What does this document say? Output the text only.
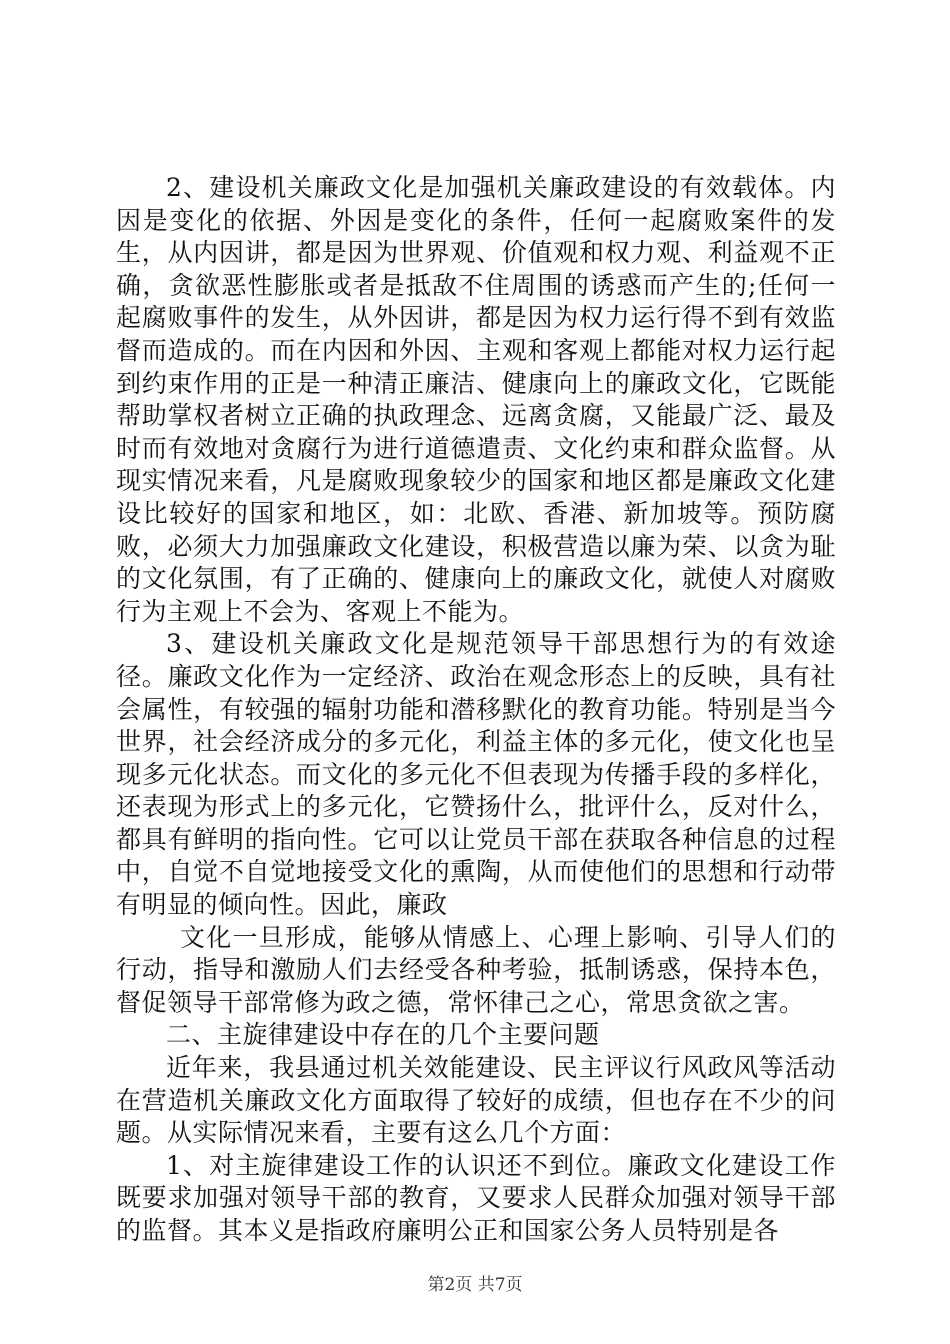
2、建设机关廉政文化是加强机关廉政建设的有效载体。内因是变化的依据、外因是变化的条件，任何一起腐败案件的发生，从内因讲，都是因为世界观、价值观和权力观、利益观不正确，贪欲恶性膨胀或者是抵敌不住周围的诱惑而产生的;任何一起腐败事件的发生，从外因讲，都是因为权力运行得不到有效监督而造成的。而在内因和外因、主观和客观上都能对权力运行起到约束作用的正是一种清正廉洁、健康向上的廉政文化，它既能帮助掌权者树立正确的执政理念、远离贪腐，又能最广泛、最及时而有效地对贪腐行为进行道德遣责、文化约束和群众监督。从现实情况来看，凡是腐败现象较少的国家和地区都是廉政文化建设比较好的国家和地区，如：北欧、香港、新加坡等。预防腐败，必须大力加强廉政文化建设，积极营造以廉为荣、以贪为耻的文化氛围，有了正确的、健康向上的廉政文化，就使人对腐败行为主观上不会为、客观上不能为。

3、建设机关廉政文化是规范领导干部思想行为的有效途径。廉政文化作为一定经济、政治在观念形态上的反映，具有社会属性，有较强的辐射功能和潜移默化的教育功能。特别是当今世界，社会经济成分的多元化，利益主体的多元化，使文化也呈现多元化状态。而文化的多元化不但表现为传播手段的多样化，还表现为形式上的多元化，它赞扬什么，批评什么，反对什么，都具有鲜明的指向性。它可以让党员干部在获取各种信息的过程中，自觉不自觉地接受文化的熏陶，从而使他们的思想和行动带有明显的倾向性。因此，廉政

文化一旦形成，能够从情感上、心理上影响、引导人们的行动，指导和激励人们去经受各种考验，抵制诱惑，保持本色，督促领导干部常修为政之德，常怀律己之心，常思贪欲之害。

二、主旋律建设中存在的几个主要问题

近年来，我县通过机关效能建设、民主评议行风政风等活动在营造机关廉政文化方面取得了较好的成绩，但也存在不少的问题。从实际情况来看，主要有这么几个方面：

1、对主旋律建设工作的认识还不到位。廉政文化建设工作既要求加强对领导干部的教育，又要求人民群众加强对领导干部的监督。其本义是指政府廉明公正和国家公务人员特别是各

第2页 共7页
